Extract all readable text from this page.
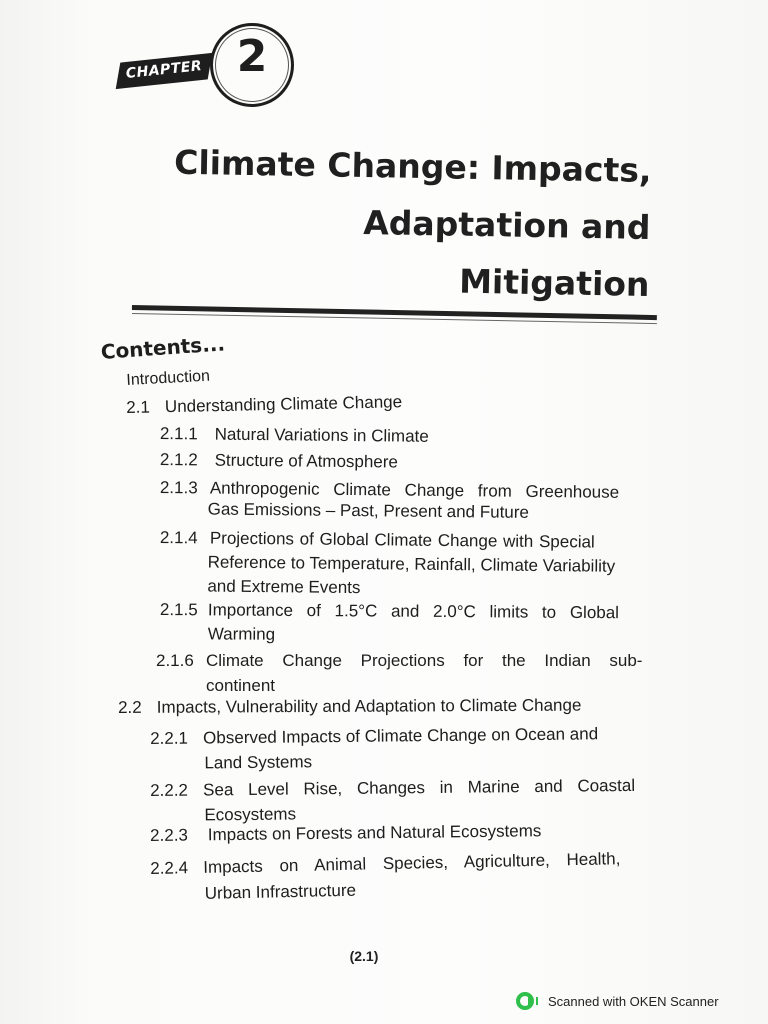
CHAPTER 2
Climate Change: Impacts,
Adaptation and
Mitigation
Contents...
Introduction
2.1 Understanding Climate Change
2.1.1 Natural Variations in Climate
2.1.2 Structure of Atmosphere
2.1.3 Anthropogenic Climate Change from Greenhouse
Gas Emissions – Past, Present and Future
2.1.4 Projections of Global Climate Change with Special
Reference to Temperature, Rainfall, Climate Variability
and Extreme Events
2.1.5 Importance of 1.5°C and 2.0°C limits to Global
Warming
2.1.6 Climate Change Projections for the Indian sub-
continent
2.2 Impacts, Vulnerability and Adaptation to Climate Change
2.2.1 Observed Impacts of Climate Change on Ocean and
Land Systems
2.2.2 Sea Level Rise, Changes in Marine and Coastal
Ecosystems
2.2.3 Impacts on Forests and Natural Ecosystems
2.2.4 Impacts on Animal Species, Agriculture, Health,
Urban Infrastructure
(2.1)
Scanned with OKEN Scanner
